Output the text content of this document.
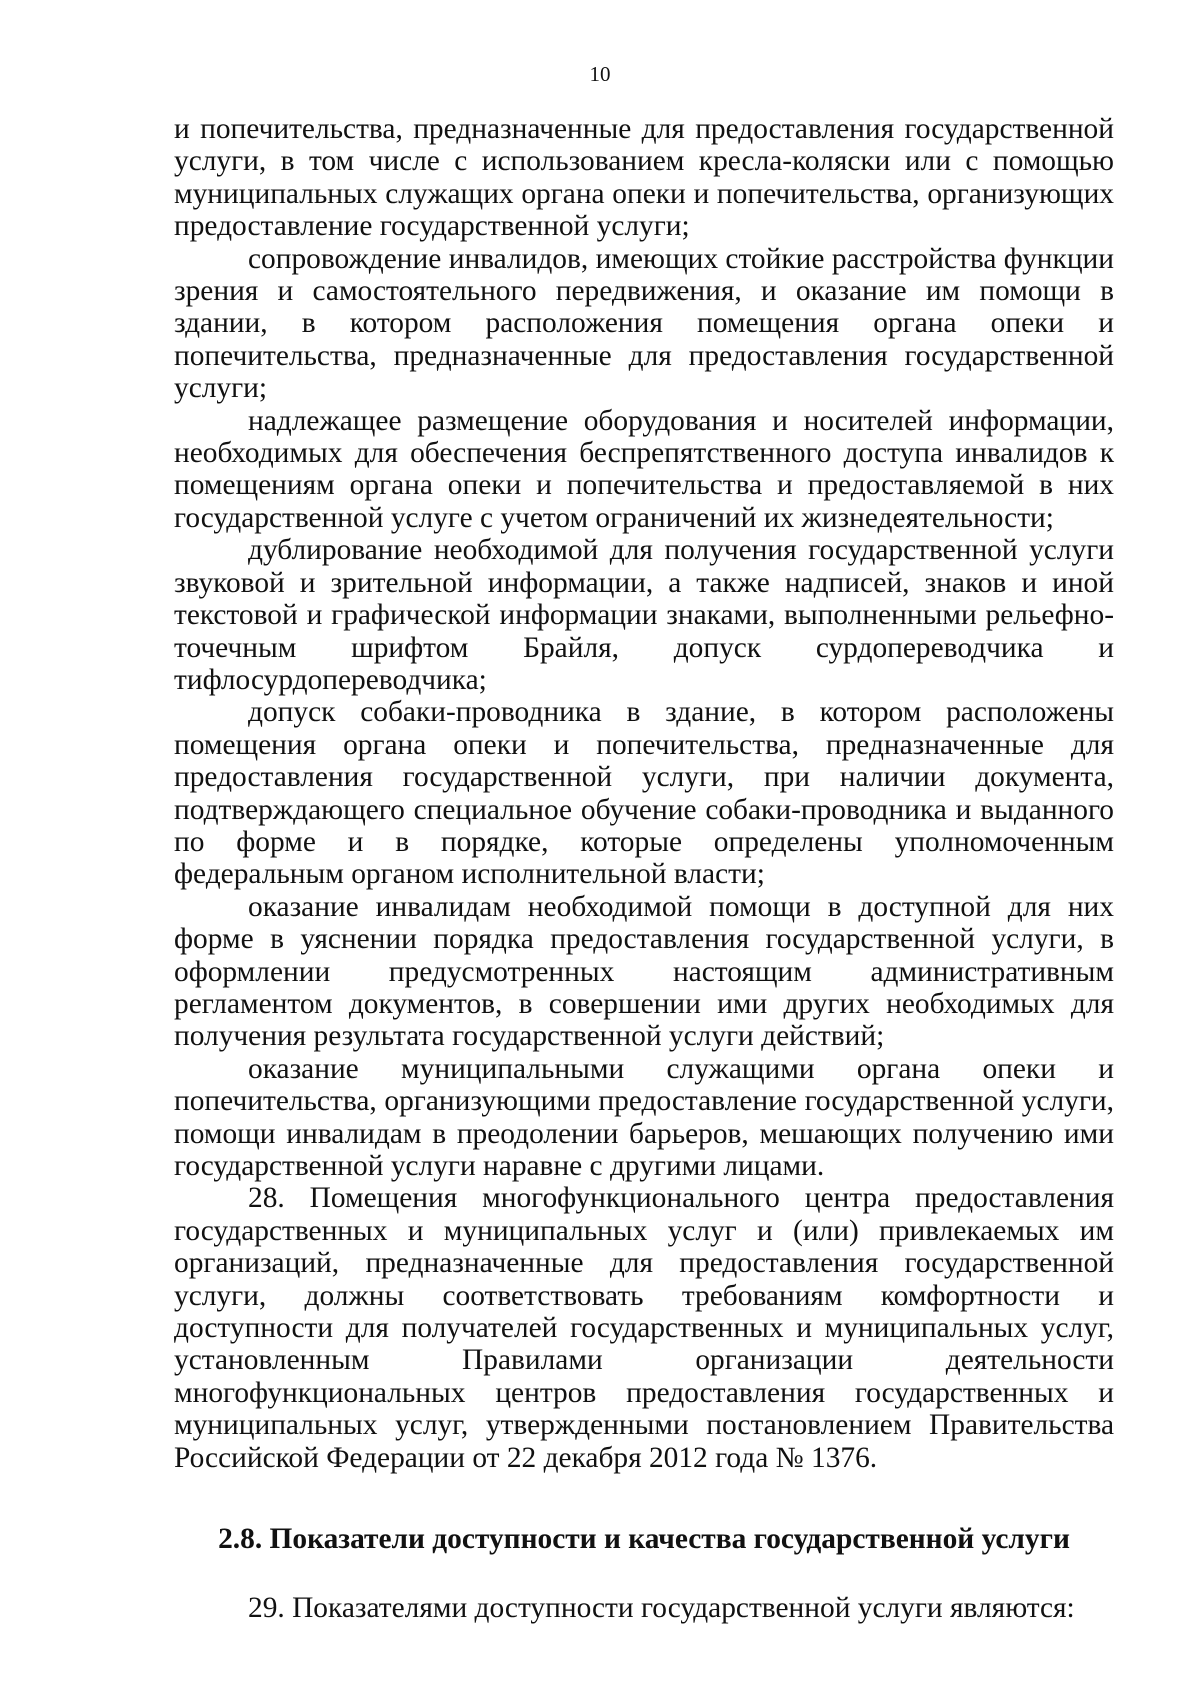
10

и попечительства, предназначенные для предоставления государственной услуги, в том числе с использованием кресла-коляски или с помощью муниципальных служащих органа опеки и попечительства, организующих предоставление государственной услуги;

сопровождение инвалидов, имеющих стойкие расстройства функции зрения и самостоятельного передвижения, и оказание им помощи в здании, в котором расположения помещения органа опеки и попечительства, предназначенные для предоставления государственной услуги;

надлежащее размещение оборудования и носителей информации, необходимых для обеспечения беспрепятственного доступа инвалидов к помещениям органа опеки и попечительства и предоставляемой в них государственной услуге с учетом ограничений их жизнедеятельности;

дублирование необходимой для получения государственной услуги звуковой и зрительной информации, а также надписей, знаков и иной текстовой и графической информации знаками, выполненными рельефно-точечным шрифтом Брайля, допуск сурдопереводчика и тифлосурдопереводчика;

допуск собаки-проводника в здание, в котором расположены помещения органа опеки и попечительства, предназначенные для предоставления государственной услуги, при наличии документа, подтверждающего специальное обучение собаки-проводника и выданного по форме и в порядке, которые определены уполномоченным федеральным органом исполнительной власти;

оказание инвалидам необходимой помощи в доступной для них форме в уяснении порядка предоставления государственной услуги, в оформлении предусмотренных настоящим административным регламентом документов, в совершении ими других необходимых для получения результата государственной услуги действий;

оказание муниципальными служащими органа опеки и попечительства, организующими предоставление государственной услуги, помощи инвалидам в преодолении барьеров, мешающих получению ими государственной услуги наравне с другими лицами.

28. Помещения многофункционального центра предоставления государственных и муниципальных услуг и (или) привлекаемых им организаций, предназначенные для предоставления государственной услуги, должны соответствовать требованиям комфортности и доступности для получателей государственных и муниципальных услуг, установленным Правилами организации деятельности многофункциональных центров предоставления государственных и муниципальных услуг, утвержденными постановлением Правительства Российской Федерации от 22 декабря 2012 года № 1376.

2.8. Показатели доступности и качества государственной услуги

29. Показателями доступности государственной услуги являются:
